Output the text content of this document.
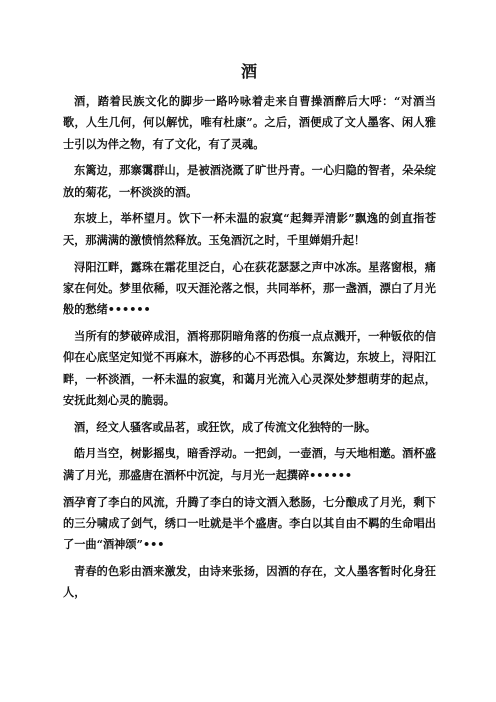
酒

酒，踏着民族文化的脚步一路吟咏着走来自曹操酒醉后大呼：“对酒当歌，人生几何，何以解忧，唯有杜康”。之后，酒便成了文人墨客、闲人雅士引以为伴之物，有了文化，有了灵魂。

东篱边，那寨霭群山，是被酒浇溉了旷世丹青。一心归隐的智者，朵朵绽放的菊花，一杯淡淡的酒。

东坡上，举杯望月。饮下一杯未温的寂寞“起舞弄清影”飘逸的剑直指苍天，那满满的激愤悄然释放。玉兔酒沉之时，千里婵娟升起！

浔阳江畔，露珠在霜花里泛白，心在荻花瑟瑟之声中冰冻。星落窗根，痛家在何处。梦里依稀，叹天涯沦落之恨，共同举杯，那一盏酒，漂白了月光般的愁绪••••••

当所有的梦破碎成泪，酒将那阴暗角落的伤痕一点点溅开，一种钣依的信仰在心底坚定知觉不再麻木，游移的心不再恐惧。东篱边，东坡上，浔阳江畔，一杯淡酒，一杯未温的寂寞，和蔼月光流入心灵深处梦想萌芽的起点，安抚此刻心灵的脆弱。

酒，经文人骚客或品茗，或狂饮，成了传流文化独特的一脉。

皓月当空，树影摇曳，暗香浮动。一把剑，一壶酒，与天地相邀。酒杯盛满了月光，那盛唐在酒杯中沉淀，与月光一起撰碎••••••

酒孕育了李白的风流，升腾了李白的诗文酒入愁肠，七分酿成了月光，剩下的三分啸成了剑气，绣口一吐就是半个盛唐。李白以其自由不羁的生命唱出了一曲“酒神颂”•••

青春的色彩由酒来激发，由诗来张扬，因酒的存在，文人墨客暂时化身狂人，
